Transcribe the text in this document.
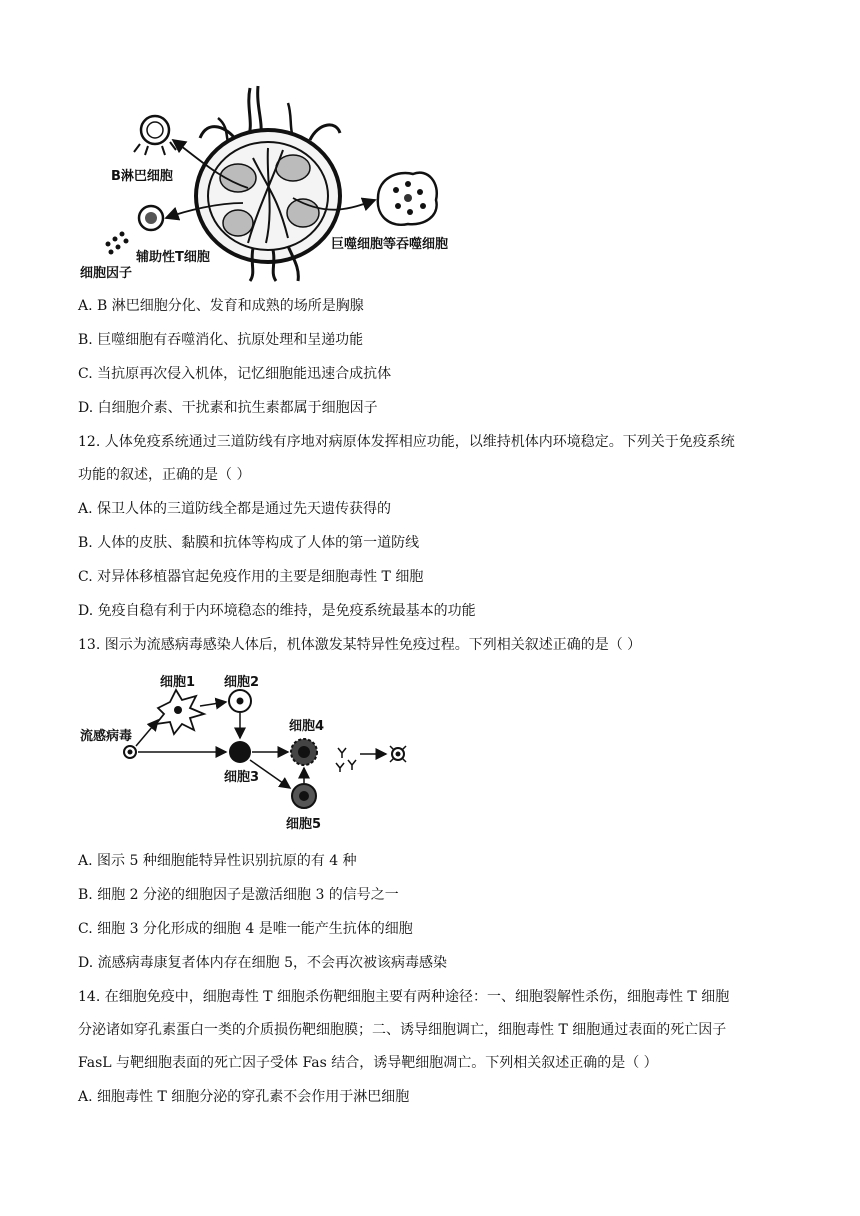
B淋巴细胞
辅助性T细胞
细胞因子
巨噬细胞等吞噬细胞
A. B 淋巴细胞分化、发育和成熟的场所是胸腺
B. 巨噬细胞有吞噬消化、抗原处理和呈递功能
C. 当抗原再次侵入机体，记忆细胞能迅速合成抗体
D. 白细胞介素、干扰素和抗生素都属于细胞因子
12. 人体免疫系统通过三道防线有序地对病原体发挥相应功能，以维持机体内环境稳定。下列关于免疫系统
功能的叙述，正确的是（ ）
A. 保卫人体的三道防线全都是通过先天遗传获得的
B. 人体的皮肤、黏膜和抗体等构成了人体的第一道防线
C. 对异体移植器官起免疫作用的主要是细胞毒性 T 细胞
D. 免疫自稳有利于内环境稳态的维持，是免疫系统最基本的功能
13. 图示为流感病毒感染人体后，机体激发某特异性免疫过程。下列相关叙述正确的是（ ）
细胞1 细胞2
流感病毒
细胞3
细胞4
细胞5
A. 图示 5 种细胞能特异性识别抗原的有 4 种
B. 细胞 2 分泌的细胞因子是激活细胞 3 的信号之一
C. 细胞 3 分化形成的细胞 4 是唯一能产生抗体的细胞
D. 流感病毒康复者体内存在细胞 5，不会再次被该病毒感染
14. 在细胞免疫中，细胞毒性 T 细胞杀伤靶细胞主要有两种途径：一、细胞裂解性杀伤，细胞毒性 T 细胞
分泌诸如穿孔素蛋白一类的介质损伤靶细胞膜；二、诱导细胞调亡，细胞毒性 T 细胞通过表面的死亡因子
FasL 与靶细胞表面的死亡因子受体 Fas 结合，诱导靶细胞凋亡。下列相关叙述正确的是（ ）
A. 细胞毒性 T 细胞分泌的穿孔素不会作用于淋巴细胞
